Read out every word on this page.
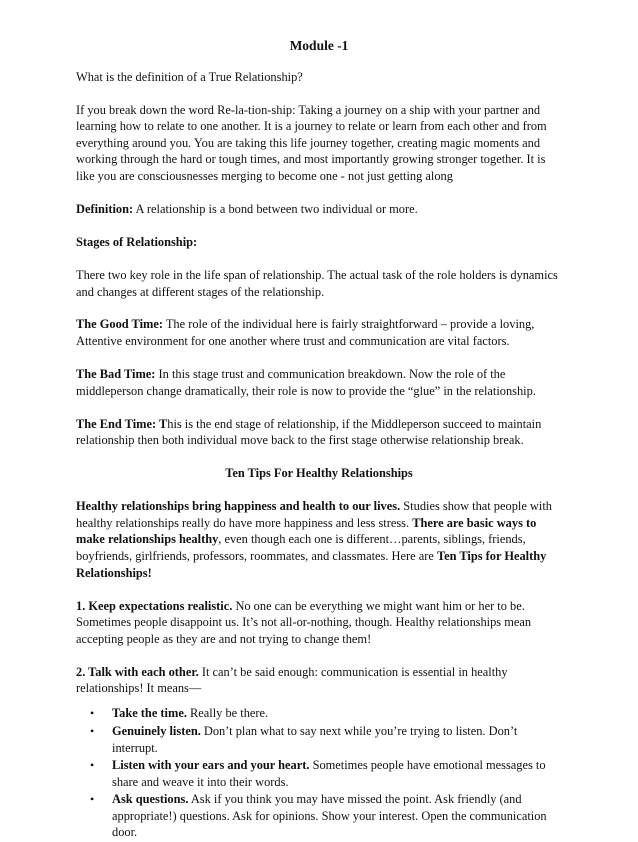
Module -1

What is the definition of a True Relationship?

If you break down the word Re-la-tion-ship: Taking a journey on a ship with your partner and learning how to relate to one another. It is a journey to relate or learn from each other and from everything around you. You are taking this life journey together, creating magic moments and working through the hard or tough times, and most importantly growing stronger together. It is like you are consciousnesses merging to become one - not just getting along

Definition: A relationship is a bond between two individual or more.

Stages of Relationship:

There two key role in the life span of relationship. The actual task of the role holders is dynamics and changes at different stages of the relationship.

The Good Time: The role of the individual here is fairly straightforward – provide a loving, Attentive environment for one another where trust and communication are vital factors.

The Bad Time: In this stage trust and communication breakdown. Now the role of the middleperson change dramatically, their role is now to provide the “glue” in the relationship.

The End Time: This is the end stage of relationship, if the Middleperson succeed to maintain relationship then both individual move back to the first stage otherwise relationship break.

Ten Tips For Healthy Relationships

Healthy relationships bring happiness and health to our lives. Studies show that people with healthy relationships really do have more happiness and less stress. There are basic ways to make relationships healthy, even though each one is different…parents, siblings, friends, boyfriends, girlfriends, professors, roommates, and classmates. Here are Ten Tips for Healthy Relationships!

1. Keep expectations realistic. No one can be everything we might want him or her to be. Sometimes people disappoint us. It’s not all-or-nothing, though. Healthy relationships mean accepting people as they are and not trying to change them!

2. Talk with each other. It can’t be said enough: communication is essential in healthy relationships! It means—

• Take the time. Really be there.
• Genuinely listen. Don’t plan what to say next while you’re trying to listen. Don’t interrupt.
• Listen with your ears and your heart. Sometimes people have emotional messages to share and weave it into their words.
• Ask questions. Ask if you think you may have missed the point. Ask friendly (and appropriate!) questions. Ask for opinions. Show your interest. Open the communication door.
